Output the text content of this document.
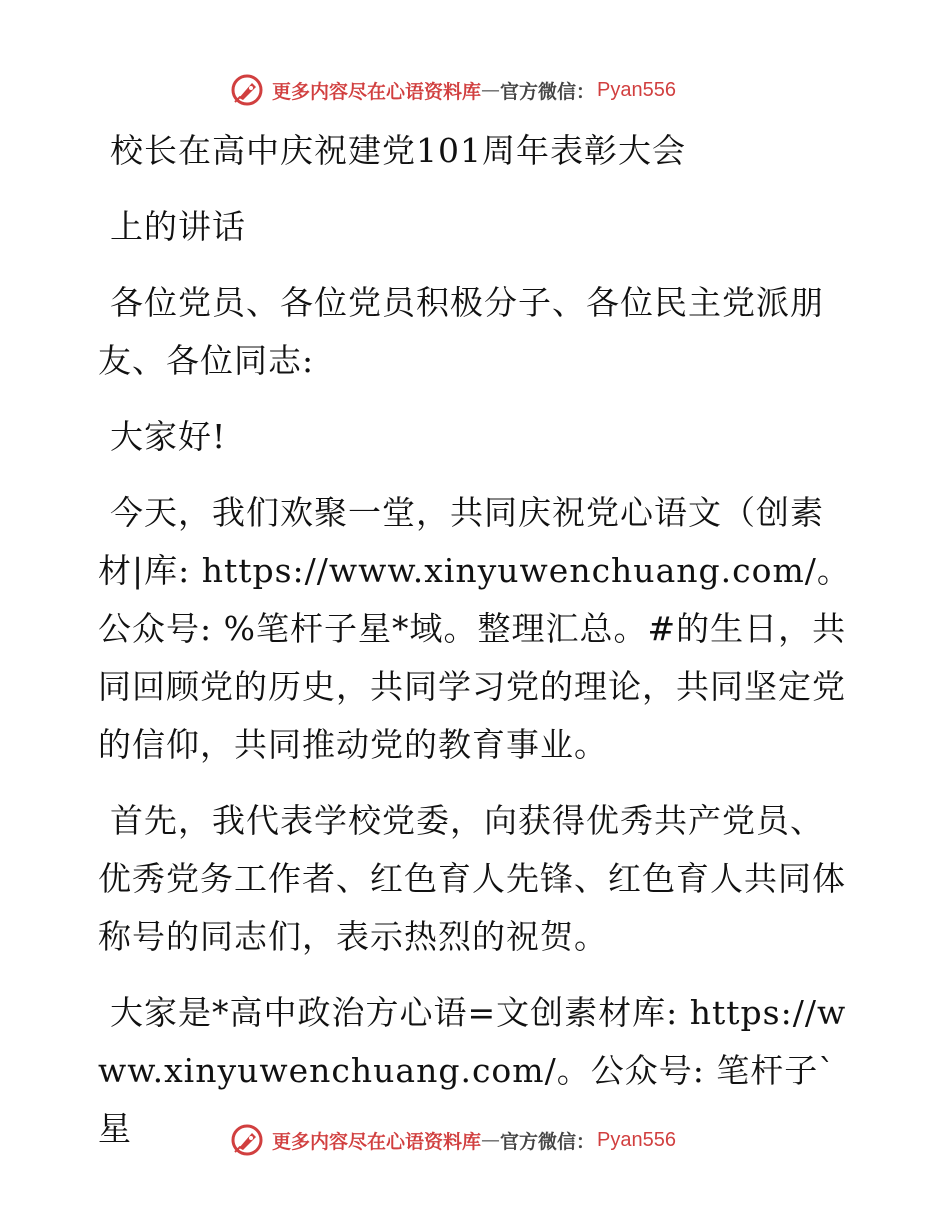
更多内容尽在心语资料库 — 官方微信： Pyan556

校长在高中庆祝建党101周年表彰大会

上的讲话

各位党员、各位党员积极分子、各位民主党派朋友、各位同志:

大家好!

今天，我们欢聚一堂，共同庆祝党心语文（创素材|库: https://www.xinyuwenchuang.com/。公众号: %笔杆子星*域。整理汇总。#的生日，共同回顾党的历史，共同学习党的理论，共同坚定党的信仰，共同推动党的教育事业。

首先，我代表学校党委，向获得优秀共产党员、优秀党务工作者、红色育人先锋、红色育人共同体称号的同志们，表示热烈的祝贺。

大家是*高中政治方心语=文创素材库: https://www.xinyuwenchuang.com/。公众号: 笔杆子`星	更多内容尽在心语资料库 — 官方微信： Pyan556
